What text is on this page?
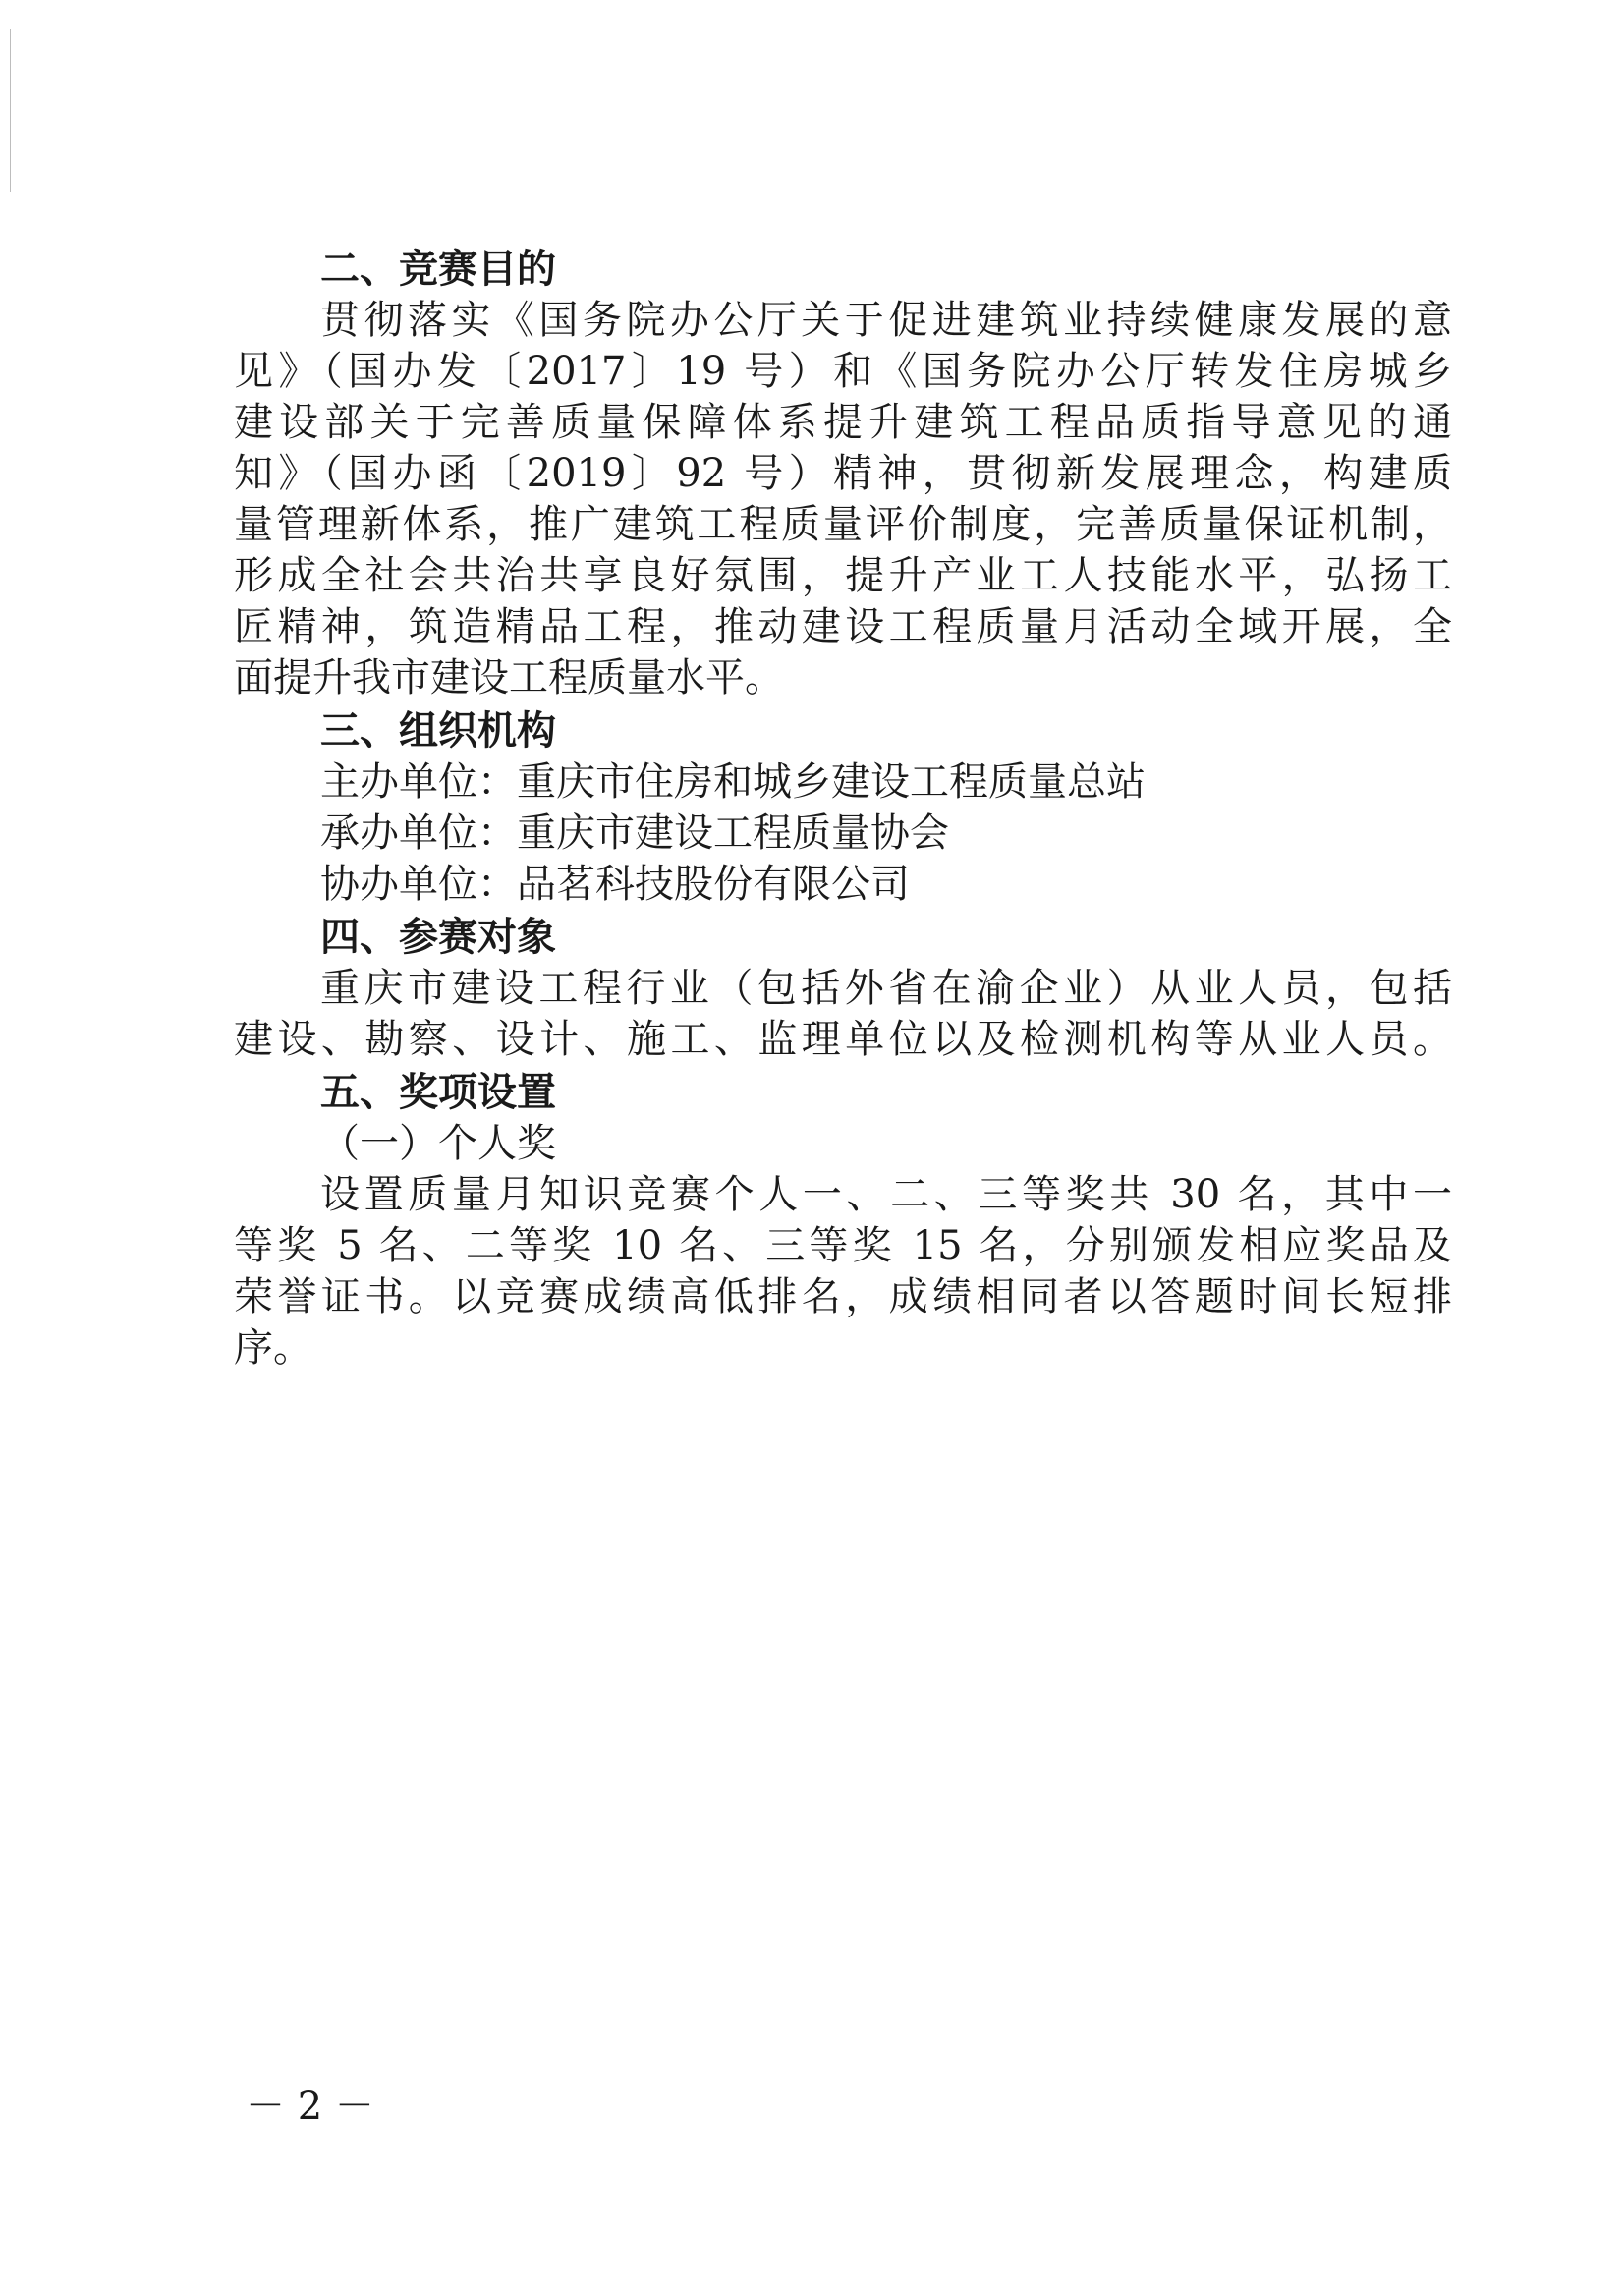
二、竞赛目的

贯彻落实《国务院办公厅关于促进建筑业持续健康发展的意

见》（国办发〔2017〕19 号）和《国务院办公厅转发住房城乡

建设部关于完善质量保障体系提升建筑工程品质指导意见的通

知》（国办函〔2019〕92 号）精神，贯彻新发展理念，构建质

量管理新体系，推广建筑工程质量评价制度，完善质量保证机制，

形成全社会共治共享良好氛围，提升产业工人技能水平，弘扬工

匠精神，筑造精品工程，推动建设工程质量月活动全域开展，全

面提升我市建设工程质量水平。

三、组织机构

主办单位：重庆市住房和城乡建设工程质量总站

承办单位：重庆市建设工程质量协会

协办单位：品茗科技股份有限公司

四、参赛对象

重庆市建设工程行业（包括外省在渝企业）从业人员，包括

建设、勘察、设计、施工、监理单位以及检测机构等从业人员。

五、奖项设置

（一）个人奖

设置质量月知识竞赛个人一、二、三等奖共 30 名，其中一

等奖 5 名、二等奖 10 名、三等奖 15 名，分别颁发相应奖品及

荣誉证书。以竞赛成绩高低排名，成绩相同者以答题时间长短排

序。

－ 2 －
